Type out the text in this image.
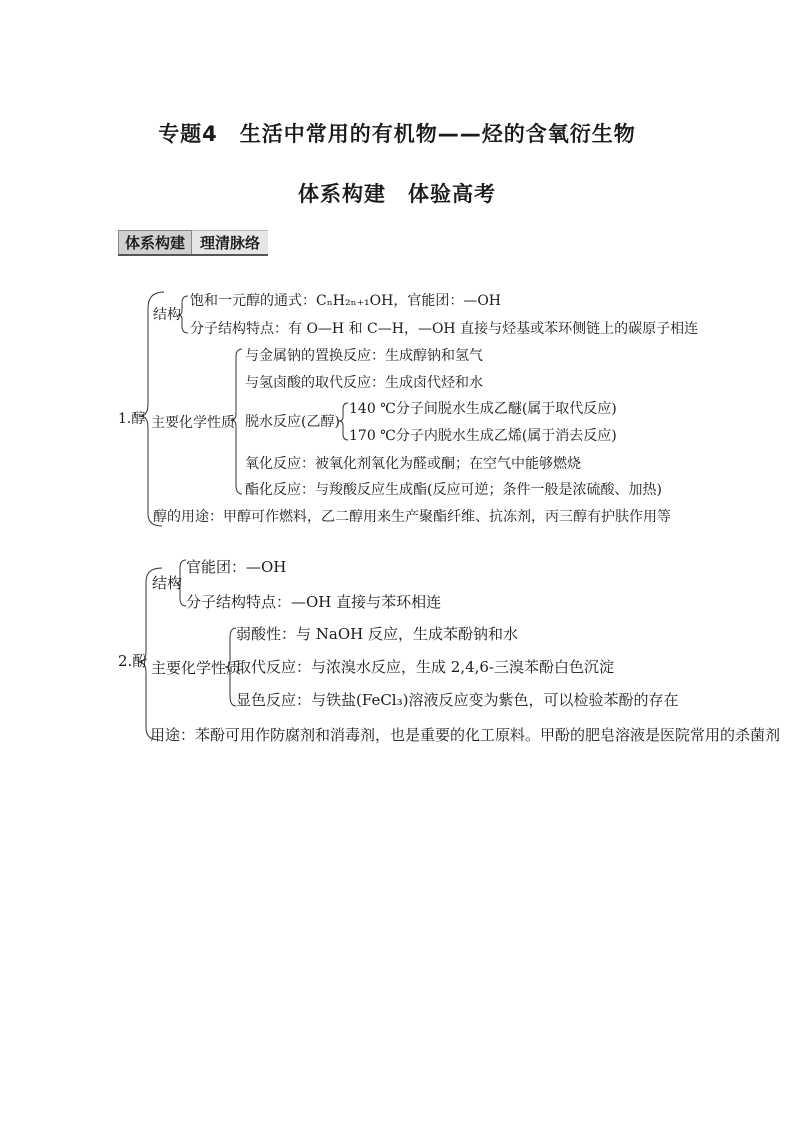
专题4　生活中常用的有机物——烃的含氧衍生物
体系构建　体验高考
体系构建	理清脉络
1.醇
结构
饱和一元醇的通式：CₙH₂ₙ₊₁OH，官能团：—OH
分子结构特点：有 O—H 和 C—H，—OH 直接与烃基或苯环侧链上的碳原子相连
主要化学性质
与金属钠的置换反应：生成醇钠和氢气
与氢卤酸的取代反应：生成卤代烃和水
脱水反应(乙醇)
140 ℃分子间脱水生成乙醚(属于取代反应)
170 ℃分子内脱水生成乙烯(属于消去反应)
氧化反应：被氧化剂氧化为醛或酮；在空气中能够燃烧
酯化反应：与羧酸反应生成酯(反应可逆；条件一般是浓硫酸、加热)
醇的用途：甲醇可作燃料，乙二醇用来生产聚酯纤维、抗冻剂，丙三醇有护肤作用等
2.酚
结构
官能团：—OH
分子结构特点：—OH 直接与苯环相连
主要化学性质
弱酸性：与 NaOH 反应，生成苯酚钠和水
取代反应：与浓溴水反应，生成 2,4,6-三溴苯酚白色沉淀
显色反应：与铁盐(FeCl₃)溶液反应变为紫色，可以检验苯酚的存在
用途：苯酚可用作防腐剂和消毒剂，也是重要的化工原料。甲酚的肥皂溶液是医院常用的杀菌剂
